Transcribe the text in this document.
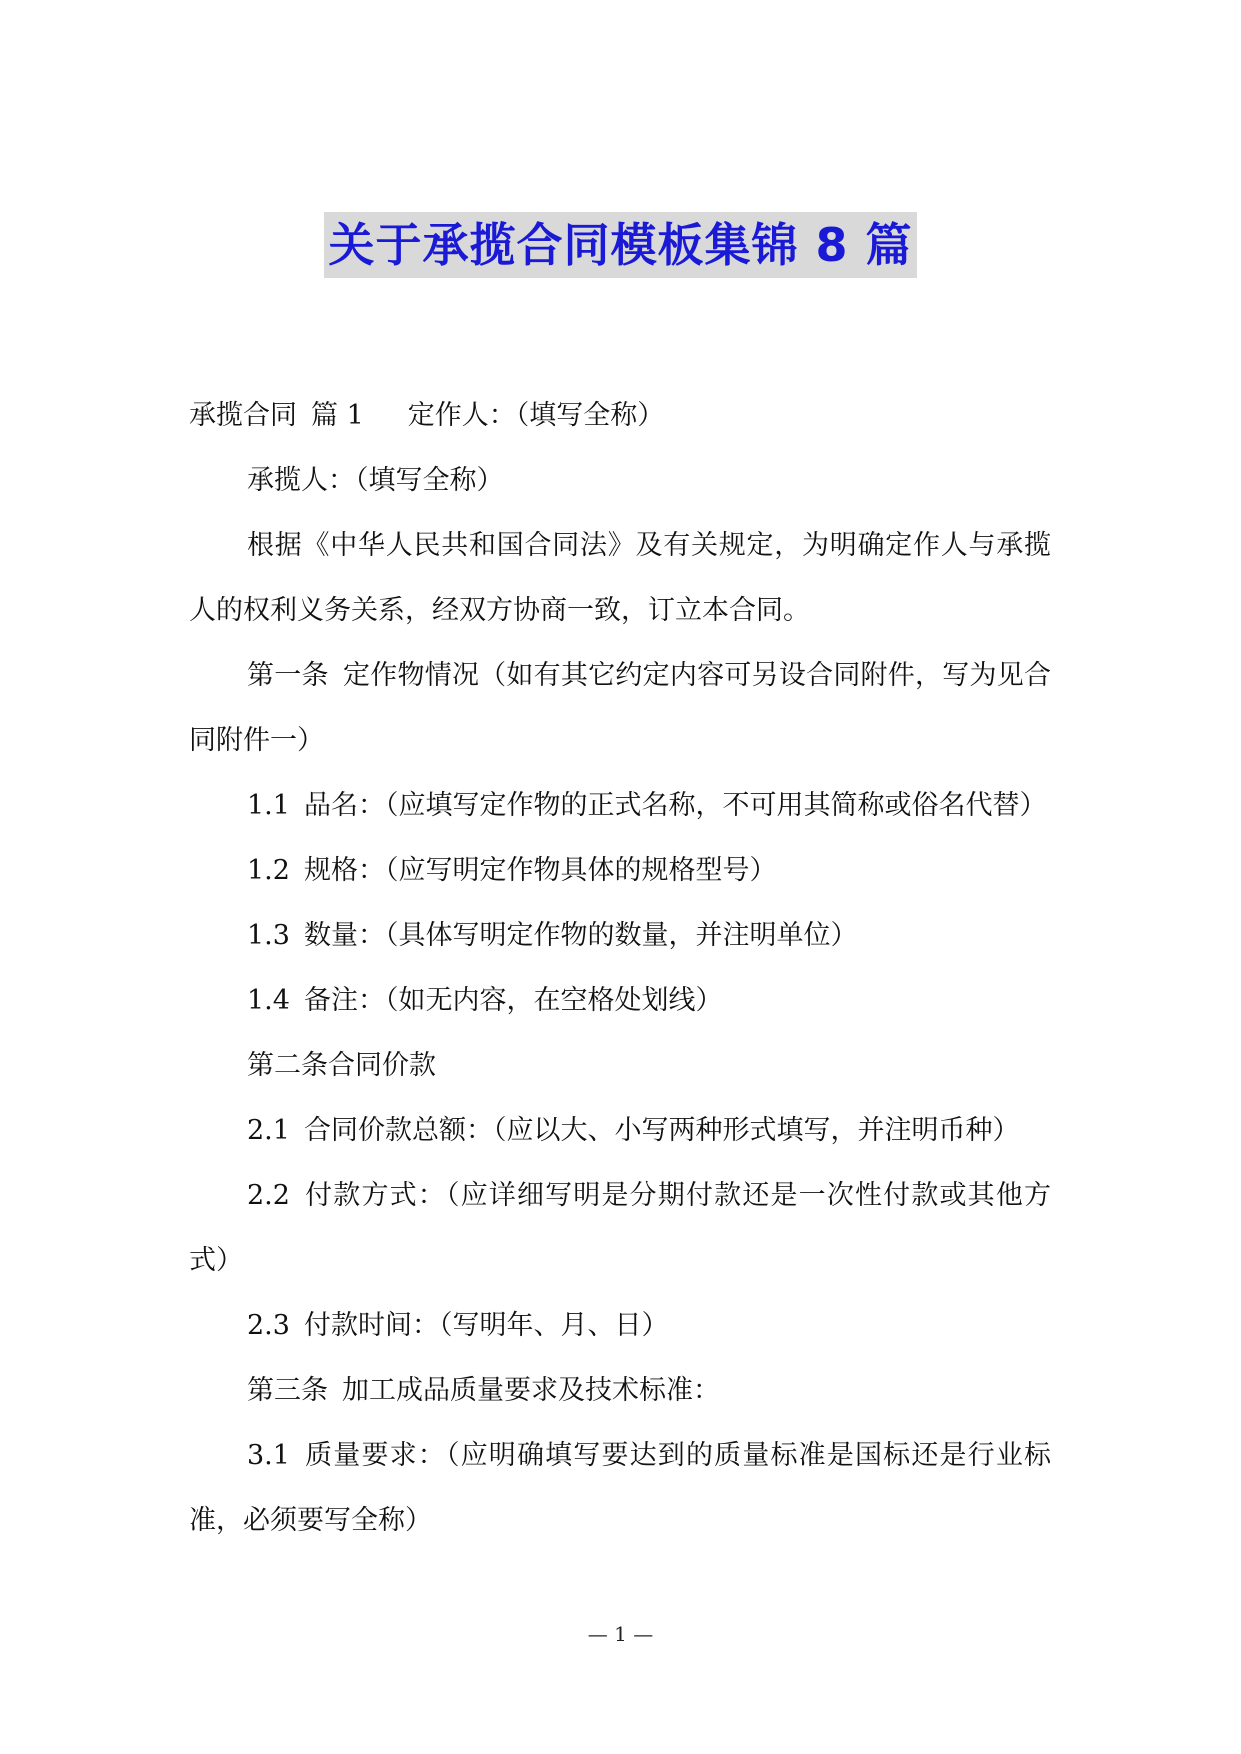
关于承揽合同模板集锦 8 篇

承揽合同 篇 1 定作人：（填写全称）

承揽人：（填写全称）

根据《中华人民共和国合同法》及有关规定，为明确定作人与承揽人的权利义务关系，经双方协商一致，订立本合同。

第一条 定作物情况（如有其它约定内容可另设合同附件，写为见合同附件一）

1.1 品名：（应填写定作物的正式名称，不可用其简称或俗名代替）

1.2 规格：（应写明定作物具体的规格型号）

1.3 数量：（具体写明定作物的数量，并注明单位）

1.4 备注：（如无内容，在空格处划线）

第二条合同价款

2.1 合同价款总额：（应以大、小写两种形式填写，并注明币种）

2.2 付款方式：（应详细写明是分期付款还是一次性付款或其他方式）

2.3 付款时间：（写明年、月、日）

第三条 加工成品质量要求及技术标准：

3.1 质量要求：（应明确填写要达到的质量标准是国标还是行业标准，必须要写全称）

— 1 —
